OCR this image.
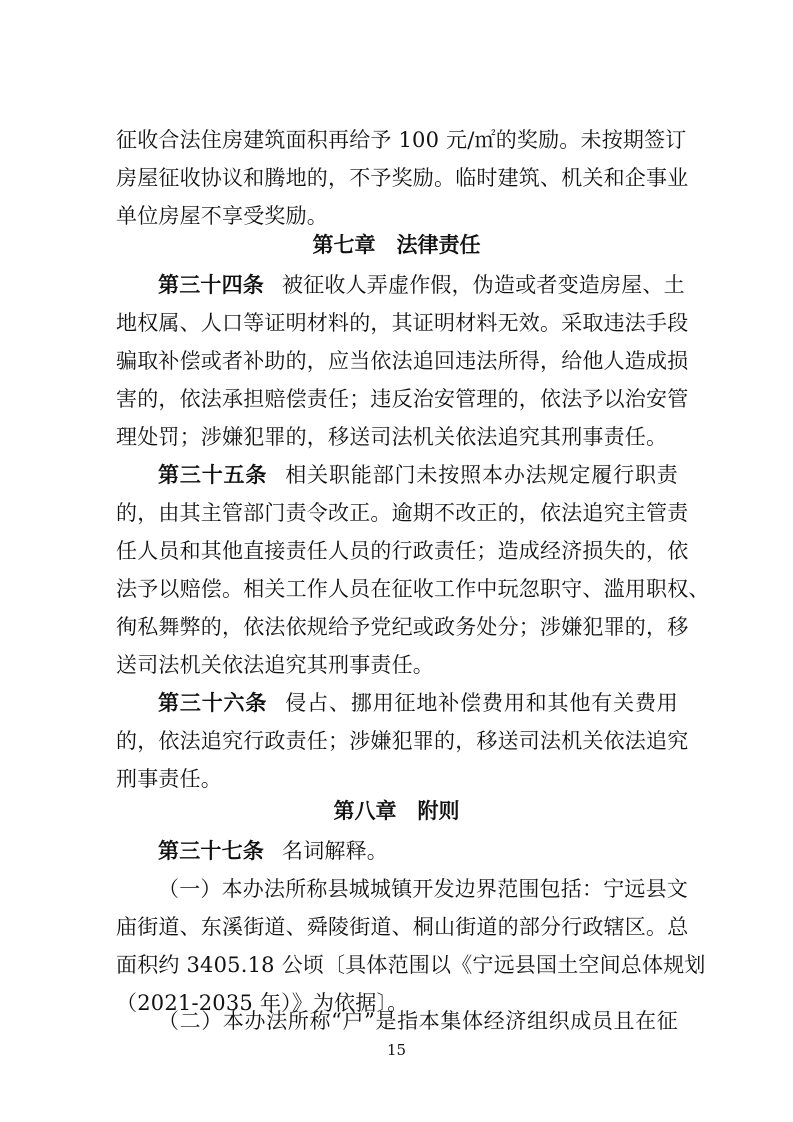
征收合法住房建筑面积再给予 100 元/㎡的奖励。未按期签订
房屋征收协议和腾地的，不予奖励。临时建筑、机关和企事业
单位房屋不享受奖励。
第七章　法律责任
第三十四条 被征收人弄虚作假，伪造或者变造房屋、土
地权属、人口等证明材料的，其证明材料无效。采取违法手段
骗取补偿或者补助的，应当依法追回违法所得，给他人造成损
害的，依法承担赔偿责任；违反治安管理的，依法予以治安管
理处罚；涉嫌犯罪的，移送司法机关依法追究其刑事责任。
第三十五条 相关职能部门未按照本办法规定履行职责
的，由其主管部门责令改正。逾期不改正的，依法追究主管责
任人员和其他直接责任人员的行政责任；造成经济损失的，依
法予以赔偿。相关工作人员在征收工作中玩忽职守、滥用职权、
徇私舞弊的，依法依规给予党纪或政务处分；涉嫌犯罪的，移
送司法机关依法追究其刑事责任。
第三十六条 侵占、挪用征地补偿费用和其他有关费用
的，依法追究行政责任；涉嫌犯罪的，移送司法机关依法追究
刑事责任。
第八章　附则
第三十七条 名词解释。
（一）本办法所称县城城镇开发边界范围包括：宁远县文
庙街道、东溪街道、舜陵街道、桐山街道的部分行政辖区。总
面积约 3405.18 公顷〔具体范围以《宁远县国土空间总体规划
（2021-2035 年）》为依据〕。
（二）本办法所称“户”是指本集体经济组织成员且在征
15
